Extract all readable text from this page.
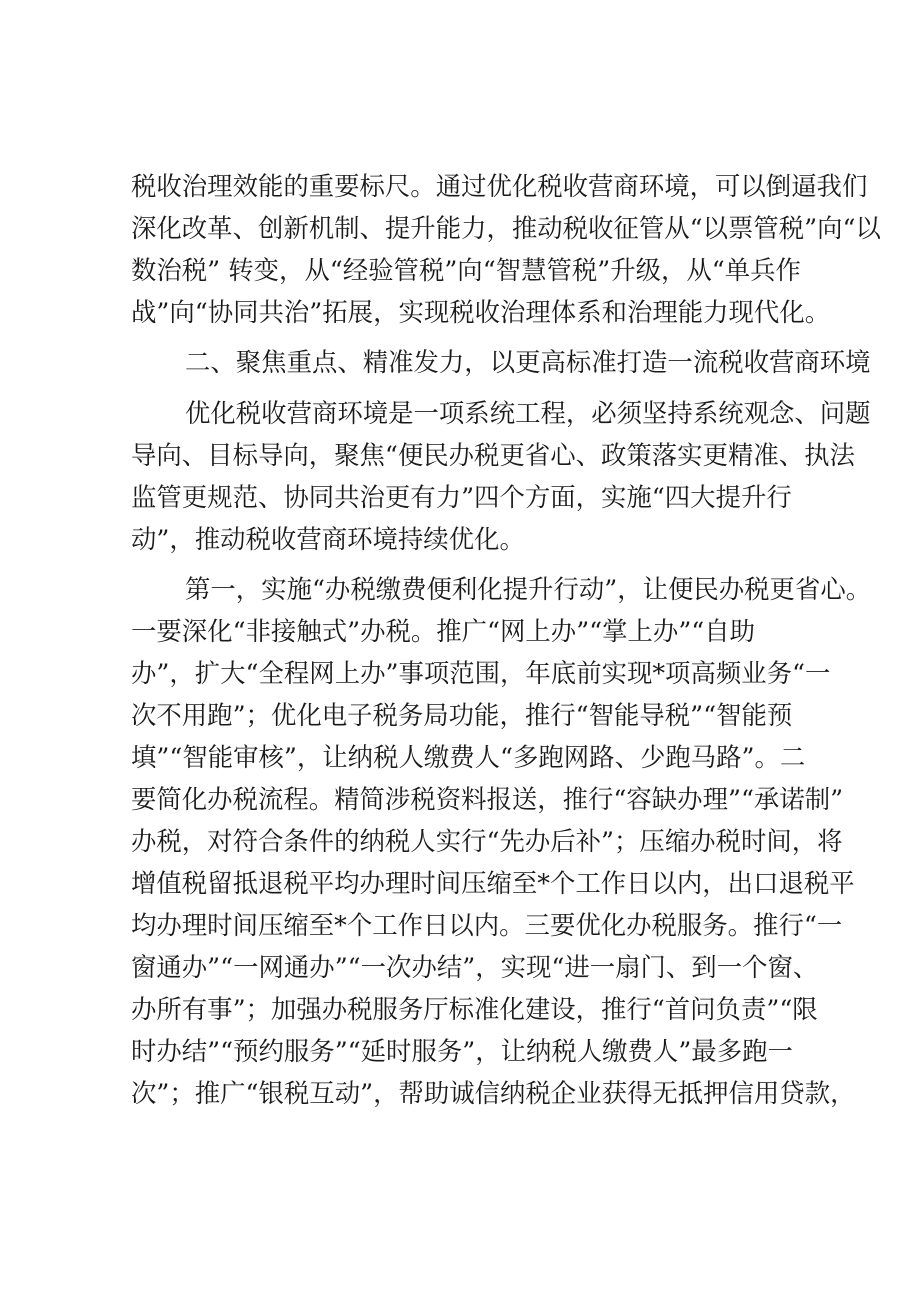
税收治理效能的重要标尺。通过优化税收营商环境，可以倒逼我们
深化改革、创新机制、提升能力，推动税收征管从“以票管税”向“以
数治税” 转变，从“经验管税”向“智慧管税”升级，从“单兵作
战”向“协同共治”拓展，实现税收治理体系和治理能力现代化。
二、聚焦重点、精准发力，以更高标准打造一流税收营商环境
优化税收营商环境是一项系统工程，必须坚持系统观念、问题
导向、目标导向，聚焦“便民办税更省心、政策落实更精准、执法
监管更规范、协同共治更有力”四个方面，实施“四大提升行
动”，推动税收营商环境持续优化。
第一，实施“办税缴费便利化提升行动”，让便民办税更省心。
一要深化“非接触式”办税。推广“网上办”“掌上办”“自助
办”，扩大“全程网上办”事项范围，年底前实现*项高频业务“一
次不用跑”；优化电子税务局功能，推行“智能导税”“智能预
填”“智能审核”，让纳税人缴费人“多跑网路、少跑马路”。二
要简化办税流程。精简涉税资料报送，推行“容缺办理”“承诺制”
办税，对符合条件的纳税人实行“先办后补”；压缩办税时间，将
增值税留抵退税平均办理时间压缩至*个工作日以内，出口退税平
均办理时间压缩至*个工作日以内。三要优化办税服务。推行“一
窗通办”“一网通办”“一次办结”，实现“进一扇门、到一个窗、
办所有事”；加强办税服务厅标准化建设，推行“首问负责”“限
时办结”“预约服务”“延时服务”，让纳税人缴费人”最多跑一
次”；推广“银税互动”，帮助诚信纳税企业获得无抵押信用贷款，
